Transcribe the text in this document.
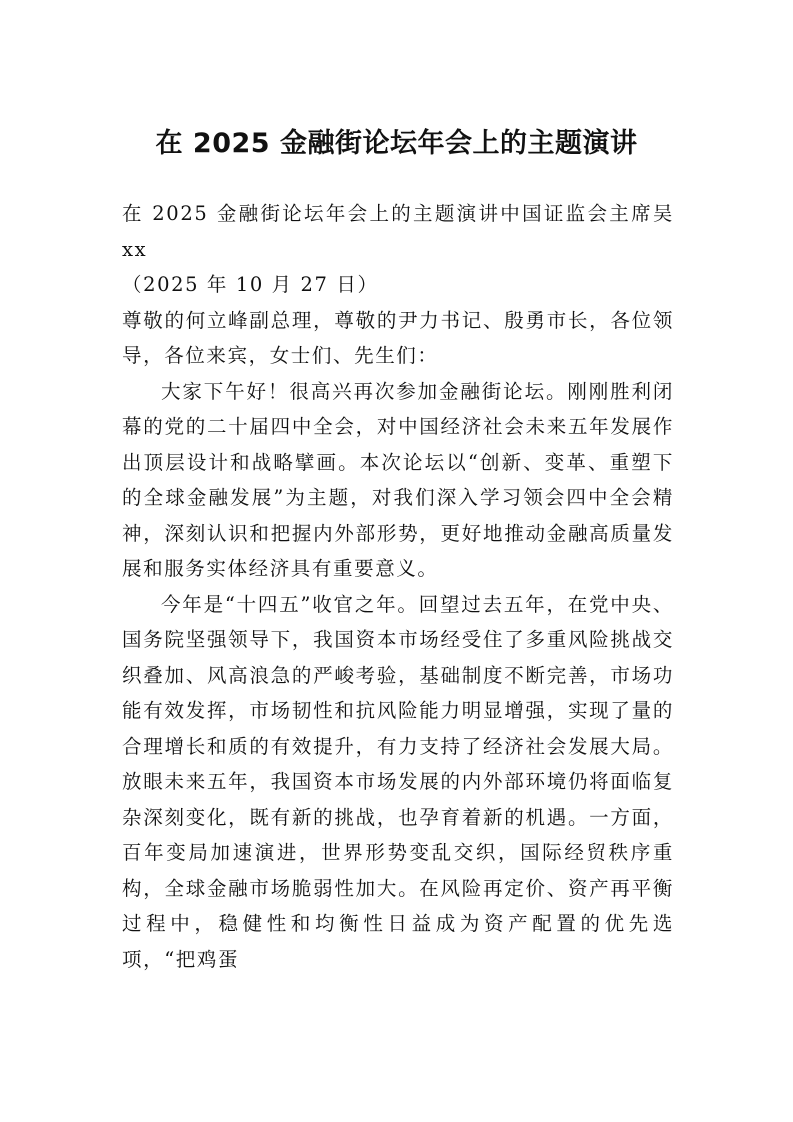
在 2025 金融街论坛年会上的主题演讲

在 2025 金融街论坛年会上的主题演讲中国证监会主席吴 xx

（2025 年 10 月 27 日）

尊敬的何立峰副总理，尊敬的尹力书记、殷勇市长，各位领导，各位来宾，女士们、先生们：

大家下午好！很高兴再次参加金融街论坛。刚刚胜利闭幕的党的二十届四中全会，对中国经济社会未来五年发展作出顶层设计和战略擘画。本次论坛以“创新、变革、重塑下的全球金融发展”为主题，对我们深入学习领会四中全会精神，深刻认识和把握内外部形势，更好地推动金融高质量发展和服务实体经济具有重要意义。

今年是“十四五”收官之年。回望过去五年，在党中央、国务院坚强领导下，我国资本市场经受住了多重风险挑战交织叠加、风高浪急的严峻考验，基础制度不断完善，市场功能有效发挥，市场韧性和抗风险能力明显增强，实现了量的合理增长和质的有效提升，有力支持了经济社会发展大局。放眼未来五年，我国资本市场发展的内外部环境仍将面临复杂深刻变化，既有新的挑战，也孕育着新的机遇。一方面，百年变局加速演进，世界形势变乱交织，国际经贸秩序重构，全球金融市场脆弱性加大。在风险再定价、资产再平衡过程中，稳健性和均衡性日益成为资产配置的优先选项，“把鸡蛋
